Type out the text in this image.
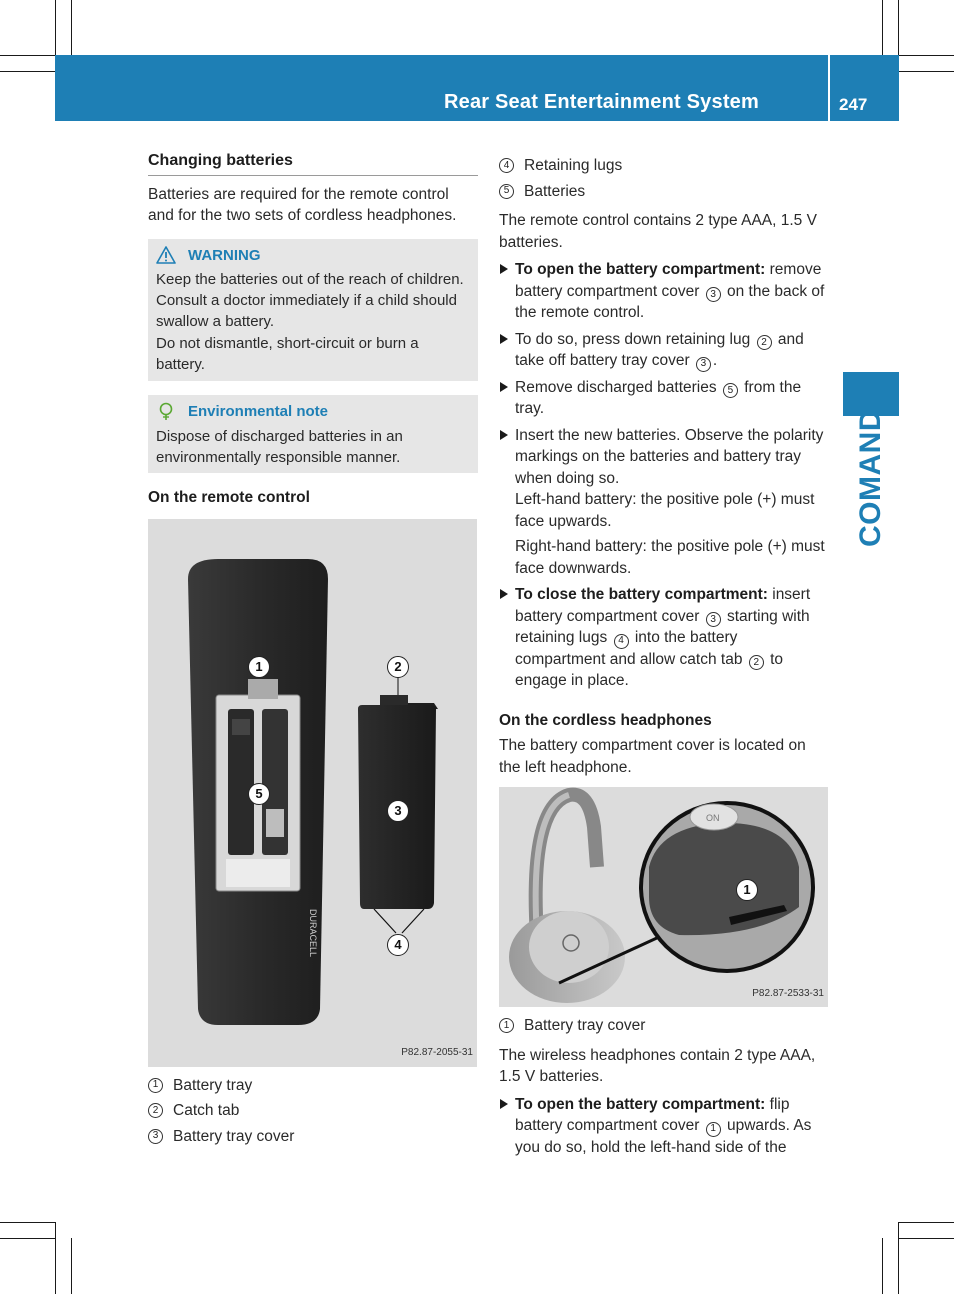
Rear Seat Entertainment System	247
COMAND
Changing batteries

Batteries are required for the remote control and for the two sets of cordless headphones.

WARNING

Keep the batteries out of the reach of children. Consult a doctor immediately if a child should swallow a battery.

Do not dismantle, short-circuit or burn a battery.

Environmental note

Dispose of discharged batteries in an environmentally responsible manner.

On the remote control
DURACELL
1	2
5
3
4
P82.87-2055-31
1 Battery tray
2 Catch tab
3 Battery tray cover
4 Retaining lugs
5 Batteries

The remote control contains 2 type AAA, 1.5 V batteries.

To open the battery compartment: remove battery compartment cover 3 on the back of the remote control.
To do so, press down retaining lug 2 and take off battery tray cover 3 .
Remove discharged batteries 5 from the tray.

Insert the new batteries. Observe the polarity markings on the batteries and battery tray when doing so.

Left-hand battery: the positive pole (+) must face upwards.

Right-hand battery: the positive pole (+) must face downwards.

To close the battery compartment: insert battery compartment cover 3 starting with retaining lugs 4 into the battery compartment and allow catch tab 2 to engage in place.
On the cordless headphones

The battery compartment cover is located on the left headphone.

ON
1
P82.87-2533-31
1 Battery tray cover

The wireless headphones contain 2 type AAA, 1.5 V batteries.

To open the battery compartment: flip battery compartment cover 1 upwards. As you do so, hold the left-hand side of the
